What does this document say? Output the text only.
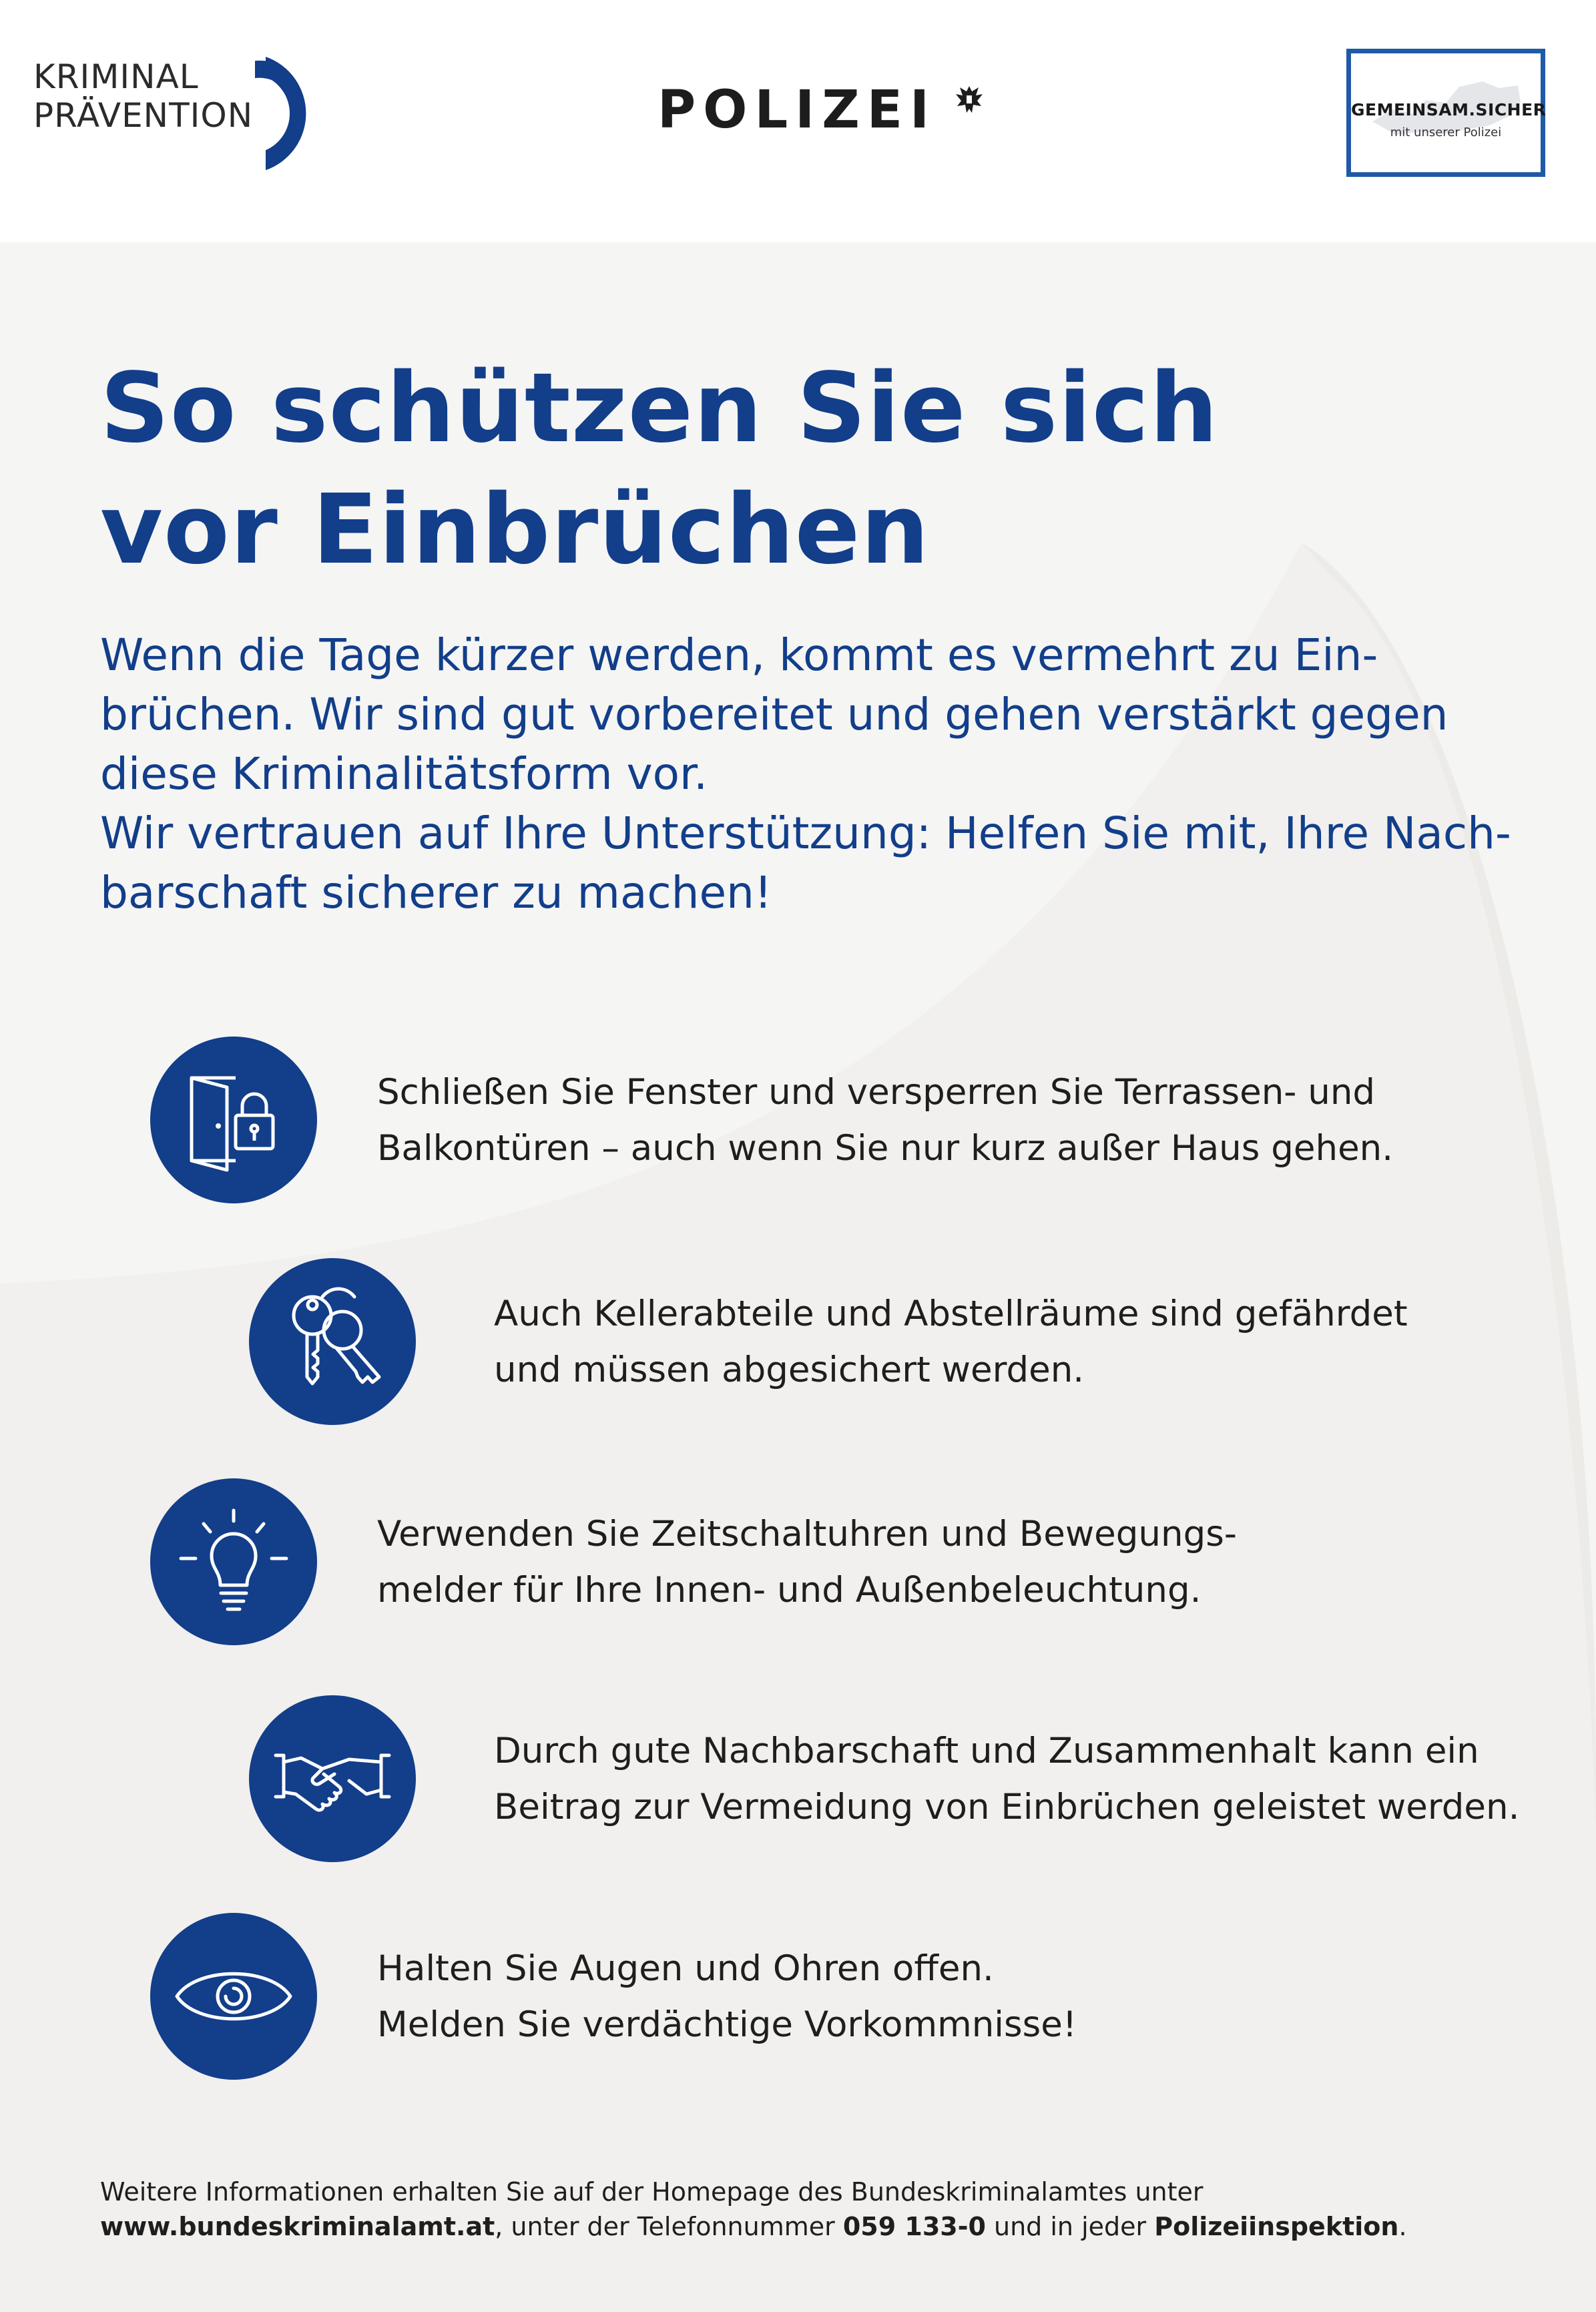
KRIMINAL
PRÄVENTION	POLIZEI	GEMEINSAM.SICHER
mit unserer Polizei
So schützen Sie sich
vor Einbrüchen
Wenn die Tage kürzer werden, kommt es vermehrt zu Ein-
brüchen. Wir sind gut vorbereitet und gehen verstärkt gegen
diese Kriminalitätsform vor.
Wir vertrauen auf Ihre Unterstützung: Helfen Sie mit, Ihre Nach-
barschaft sicherer zu machen!
Schließen Sie Fenster und versperren Sie Terrassen- und
Balkontüren – auch wenn Sie nur kurz außer Haus gehen.
Auch Kellerabteile und Abstellräume sind gefährdet
und müssen abgesichert werden.
Verwenden Sie Zeitschaltuhren und Bewegungs-
melder für Ihre Innen- und Außenbeleuchtung.
Durch gute Nachbarschaft und Zusammenhalt kann ein
Beitrag zur Vermeidung von Einbrüchen geleistet werden.
Halten Sie Augen und Ohren offen.
Melden Sie verdächtige Vorkommnisse!
Weitere Informationen erhalten Sie auf der Homepage des Bundeskriminalamtes unter
www.bundeskriminalamt.at, unter der Telefonnummer 059 133-0 und in jeder Polizeiinspektion.
